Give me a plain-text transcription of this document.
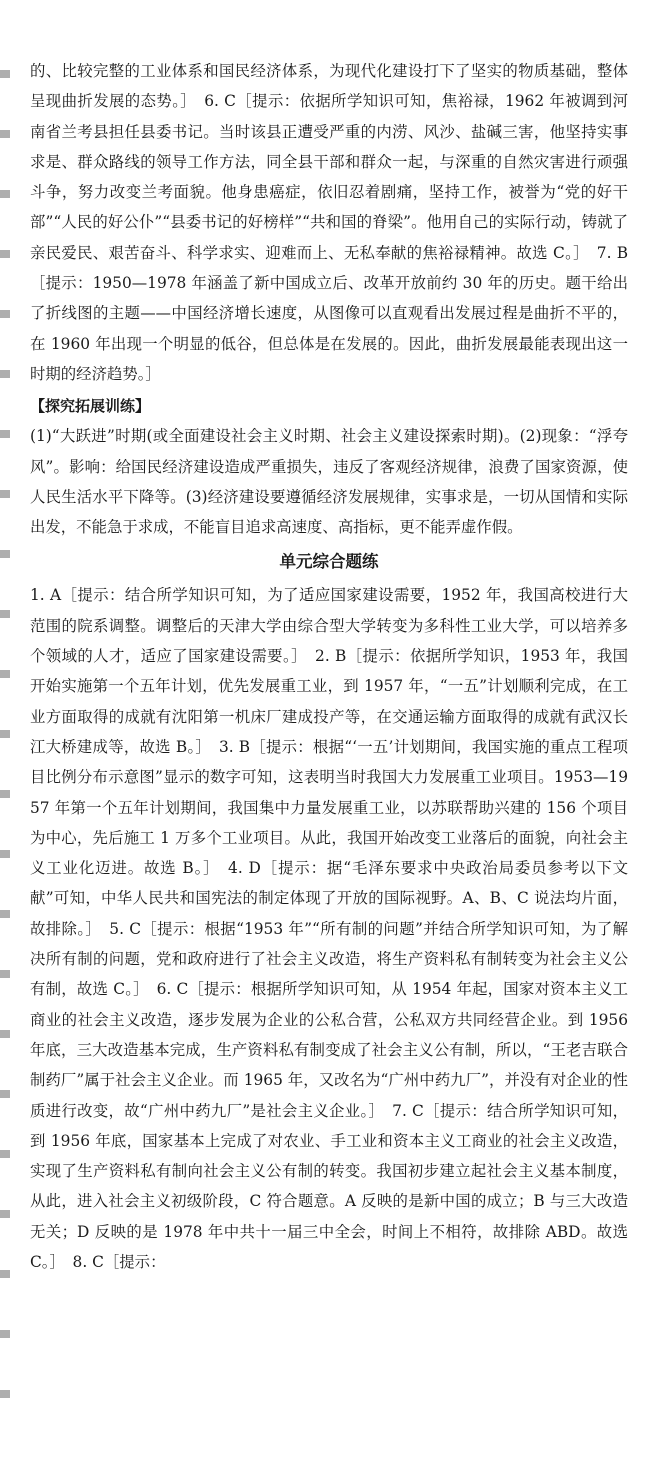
的、比较完整的工业体系和国民经济体系，为现代化建设打下了坚实的物质基础，整体呈现曲折发展的态势。］　6. C［提示：依据所学知识可知，焦裕禄，1962 年被调到河南省兰考县担任县委书记。当时该县正遭受严重的内涝、风沙、盐碱三害，他坚持实事求是、群众路线的领导工作方法，同全县干部和群众一起，与深重的自然灾害进行顽强斗争，努力改变兰考面貌。他身患癌症，依旧忍着剧痛，坚持工作，被誉为“党的好干部”“人民的好公仆”“县委书记的好榜样”“共和国的脊梁”。他用自己的实际行动，铸就了亲民爱民、艰苦奋斗、科学求实、迎难而上、无私奉献的焦裕禄精神。故选 C。］　7. B［提示：1950—1978 年涵盖了新中国成立后、改革开放前约 30 年的历史。题干给出了折线图的主题——中国经济增长速度，从图像可以直观看出发展过程是曲折不平的，在 1960 年出现一个明显的低谷，但总体是在发展的。因此，曲折发展最能表现出这一时期的经济趋势。］

【探究拓展训练】

(1)“大跃进”时期(或全面建设社会主义时期、社会主义建设探索时期)。(2)现象：“浮夸风”。影响：给国民经济建设造成严重损失，违反了客观经济规律，浪费了国家资源，使人民生活水平下降等。(3)经济建设要遵循经济发展规律，实事求是，一切从国情和实际出发，不能急于求成，不能盲目追求高速度、高指标，更不能弄虚作假。

单元综合题练

1. A［提示：结合所学知识可知，为了适应国家建设需要，1952 年，我国高校进行大范围的院系调整。调整后的天津大学由综合型大学转变为多科性工业大学，可以培养多个领域的人才，适应了国家建设需要。］　2. B［提示：依据所学知识，1953 年，我国开始实施第一个五年计划，优先发展重工业，到 1957 年，“一五”计划顺利完成，在工业方面取得的成就有沈阳第一机床厂建成投产等，在交通运输方面取得的成就有武汉长江大桥建成等，故选 B。］　3. B［提示：根据“‘一五’计划期间，我国实施的重点工程项目比例分布示意图”显示的数字可知，这表明当时我国大力发展重工业项目。1953—1957 年第一个五年计划期间，我国集中力量发展重工业，以苏联帮助兴建的 156 个项目为中心，先后施工 1 万多个工业项目。从此，我国开始改变工业落后的面貌，向社会主义工业化迈进。故选 B。］　4. D［提示：据“毛泽东要求中央政治局委员参考以下文献”可知，中华人民共和国宪法的制定体现了开放的国际视野。A、B、C 说法均片面，故排除。］　5. C［提示：根据“1953 年”“所有制的问题”并结合所学知识可知，为了解决所有制的问题，党和政府进行了社会主义改造，将生产资料私有制转变为社会主义公有制，故选 C。］　6. C［提示：根据所学知识可知，从 1954 年起，国家对资本主义工商业的社会主义改造，逐步发展为企业的公私合营，公私双方共同经营企业。到 1956 年底，三大改造基本完成，生产资料私有制变成了社会主义公有制，所以，“王老吉联合制药厂”属于社会主义企业。而 1965 年，又改名为“广州中药九厂”，并没有对企业的性质进行改变，故“广州中药九厂”是社会主义企业。］　7. C［提示：结合所学知识可知，到 1956 年底，国家基本上完成了对农业、手工业和资本主义工商业的社会主义改造，实现了生产资料私有制向社会主义公有制的转变。我国初步建立起社会主义基本制度，从此，进入社会主义初级阶段，C 符合题意。A 反映的是新中国的成立；B 与三大改造无关；D 反映的是 1978 年中共十一届三中全会，时间上不相符，故排除 ABD。故选 C。］　8. C［提示：
